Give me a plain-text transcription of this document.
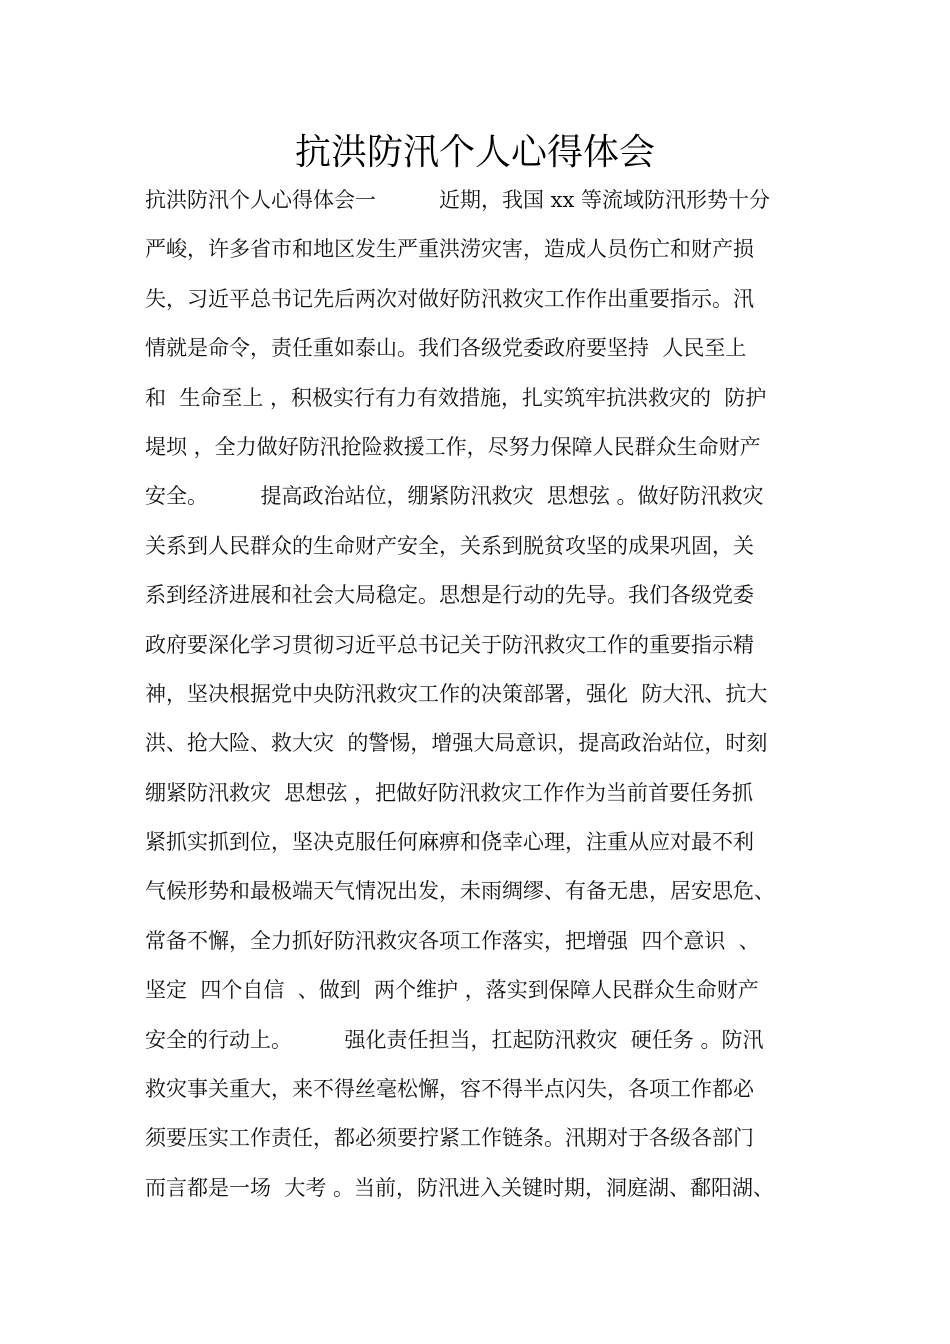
抗洪防汛个人心得体会
抗洪防汛个人心得体会一　　　近期，我国 xx 等流域防汛形势十分
严峻，许多省市和地区发生严重洪涝灾害，造成人员伤亡和财产损
失，习近平总书记先后两次对做好防汛救灾工作作出重要指示。汛
情就是命令，责任重如泰山。我们各级党委政府要坚持  人民至上
和  生命至上 ，积极实行有力有效措施，扎实筑牢抗洪救灾的  防护
堤坝 ，全力做好防汛抢险救援工作，尽努力保障人民群众生命财产
安全。　　　提高政治站位，绷紧防汛救灾  思想弦 。做好防汛救灾
关系到人民群众的生命财产安全，关系到脱贫攻坚的成果巩固，关
系到经济进展和社会大局稳定。思想是行动的先导。我们各级党委
政府要深化学习贯彻习近平总书记关于防汛救灾工作的重要指示精
神，坚决根据党中央防汛救灾工作的决策部署，强化  防大汛、抗大
洪、抢大险、救大灾  的警惕，增强大局意识，提高政治站位，时刻
绷紧防汛救灾  思想弦 ，把做好防汛救灾工作作为当前首要任务抓
紧抓实抓到位，坚决克服任何麻痹和侥幸心理，注重从应对最不利
气候形势和最极端天气情况出发，未雨绸缪、有备无患，居安思危、
常备不懈，全力抓好防汛救灾各项工作落实，把增强  四个意识  、
坚定  四个自信  、做到  两个维护 ，落实到保障人民群众生命财产
安全的行动上。　　　强化责任担当，扛起防汛救灾  硬任务 。防汛
救灾事关重大，来不得丝毫松懈，容不得半点闪失，各项工作都必
须要压实工作责任，都必须要拧紧工作链条。汛期对于各级各部门
而言都是一场  大考 。当前，防汛进入关键时期，洞庭湖、鄱阳湖、
